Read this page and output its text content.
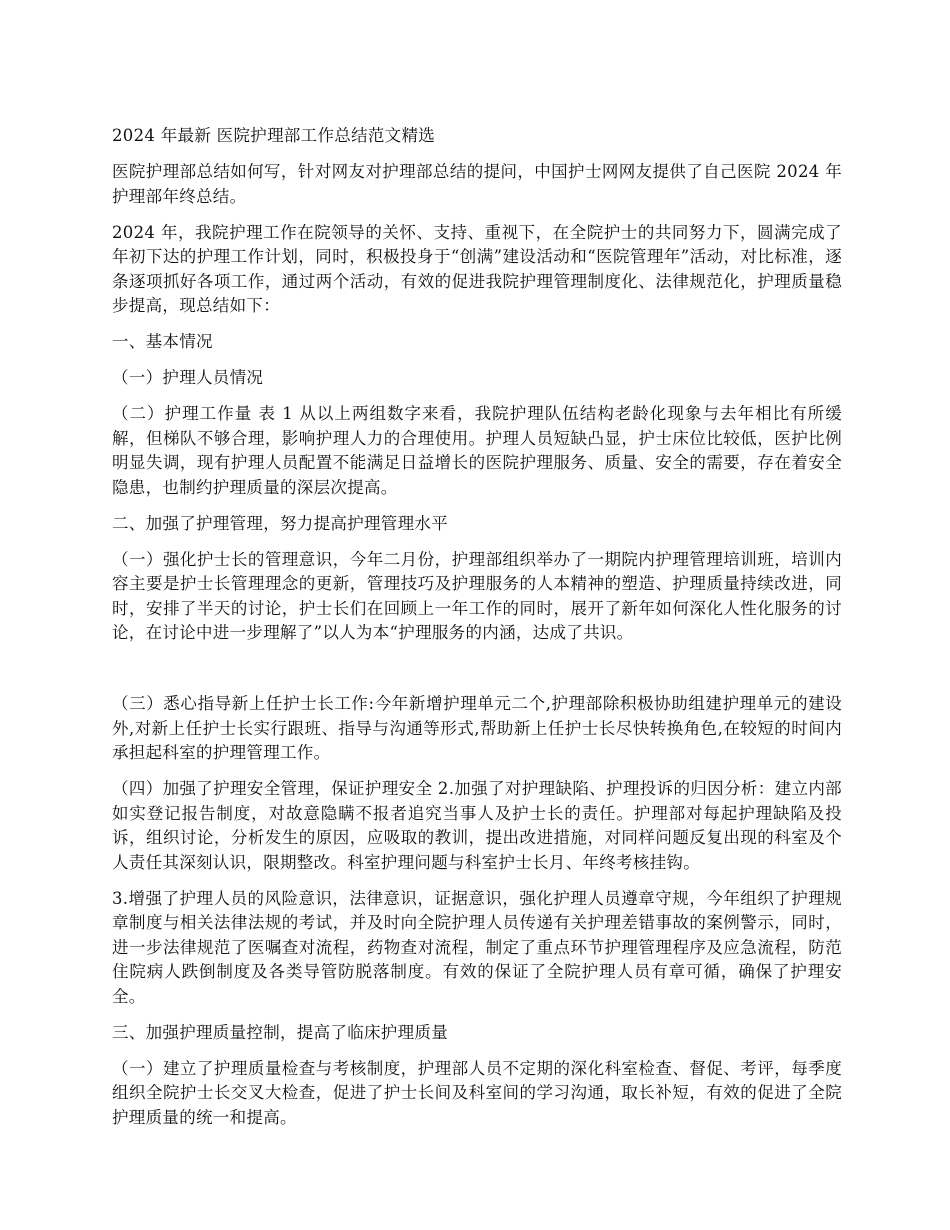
2024 年最新 医院护理部工作总结范文精选

医院护理部总结如何写，针对网友对护理部总结的提问，中国护士网网友提供了自己医院 2024 年护理部年终总结。

2024 年，我院护理工作在院领导的关怀、支持、重视下，在全院护士的共同努力下，圆满完成了年初下达的护理工作计划，同时，积极投身于“创满”建设活动和“医院管理年”活动，对比标准，逐条逐项抓好各项工作，通过两个活动，有效的促进我院护理管理制度化、法律规范化，护理质量稳步提高，现总结如下：

一、基本情况

（一）护理人员情况

（二）护理工作量 表 1 从以上两组数字来看，我院护理队伍结构老龄化现象与去年相比有所缓解，但梯队不够合理，影响护理人力的合理使用。护理人员短缺凸显，护士床位比较低，医护比例明显失调，现有护理人员配置不能满足日益增长的医院护理服务、质量、安全的需要，存在着安全隐患，也制约护理质量的深层次提高。

二、加强了护理管理，努力提高护理管理水平

（一）强化护士长的管理意识，今年二月份，护理部组织举办了一期院内护理管理培训班，培训内容主要是护士长管理理念的更新，管理技巧及护理服务的人本精神的塑造、护理质量持续改进，同时，安排了半天的讨论，护士长们在回顾上一年工作的同时，展开了新年如何深化人性化服务的讨论，在讨论中进一步理解了”以人为本“护理服务的内涵，达成了共识。

（三）悉心指导新上任护士长工作:今年新增护理单元二个,护理部除积极协助组建护理单元的建设外,对新上任护士长实行跟班、指导与沟通等形式,帮助新上任护士长尽快转换角色,在较短的时间内承担起科室的护理管理工作。

（四）加强了护理安全管理，保证护理安全 2.加强了对护理缺陷、护理投诉的归因分析：建立内部如实登记报告制度，对故意隐瞒不报者追究当事人及护士长的责任。护理部对每起护理缺陷及投诉，组织讨论，分析发生的原因，应吸取的教训，提出改进措施，对同样问题反复出现的科室及个人责任其深刻认识，限期整改。科室护理问题与科室护士长月、年终考核挂钩。

3.增强了护理人员的风险意识，法律意识，证据意识，强化护理人员遵章守规，今年组织了护理规章制度与相关法律法规的考试，并及时向全院护理人员传递有关护理差错事故的案例警示，同时，进一步法律规范了医嘱查对流程，药物查对流程，制定了重点环节护理管理程序及应急流程，防范住院病人跌倒制度及各类导管防脱落制度。有效的保证了全院护理人员有章可循，确保了护理安全。

三、加强护理质量控制，提高了临床护理质量

（一）建立了护理质量检查与考核制度，护理部人员不定期的深化科室检查、督促、考评，每季度组织全院护士长交叉大检查，促进了护士长间及科室间的学习沟通，取长补短，有效的促进了全院护理质量的统一和提高。
